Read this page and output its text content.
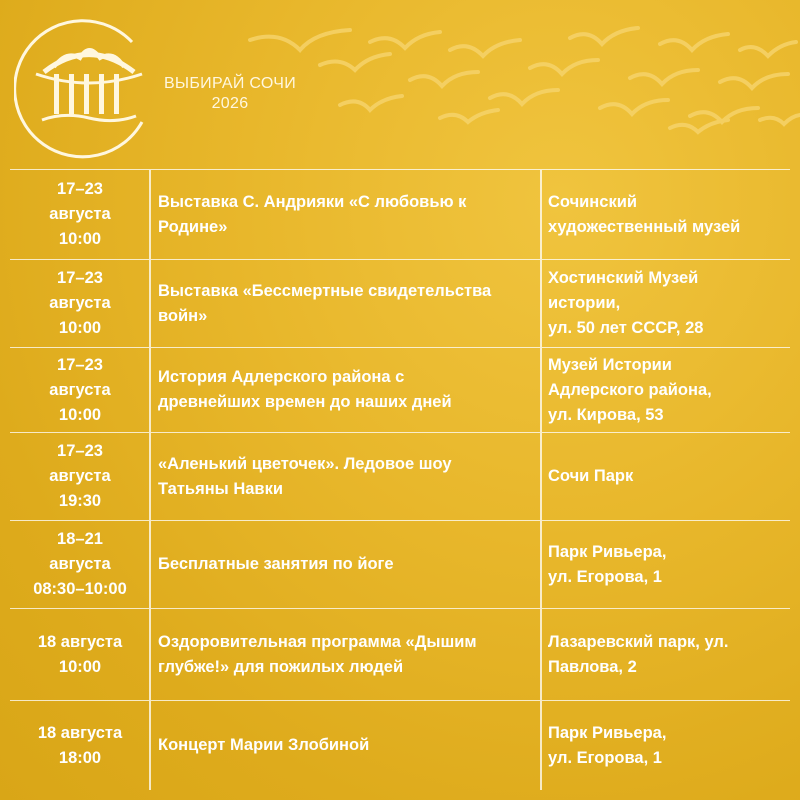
ВЫБИРАЙ СОЧИ
2026
17–23
августа
10:00
Выставка С. Андрияки «С любовью к
Родине»
Сочинский
художественный музей
17–23
августа
10:00
Выставка «Бессмертные свидетельства
войн»
Хостинский Музей
истории,
ул. 50 лет СССР, 28
17–23
августа
10:00
История Адлерского района с
древнейших времен до наших дней
Музей Истории
Адлерского района,
ул. Кирова, 53
17–23
августа
19:30
«Аленький цветочек». Ледовое шоу
Татьяны Навки
Сочи Парк
18–21
августа
08:30–10:00
Бесплатные занятия по йоге
Парк Ривьера,
ул. Егорова, 1
18 августа
10:00
Оздоровительная программа «Дышим
глубже!» для пожилых людей
Лазаревский парк, ул.
Павлова, 2
18 августа
18:00
Концерт Марии Злобиной
Парк Ривьера,
ул. Егорова, 1
